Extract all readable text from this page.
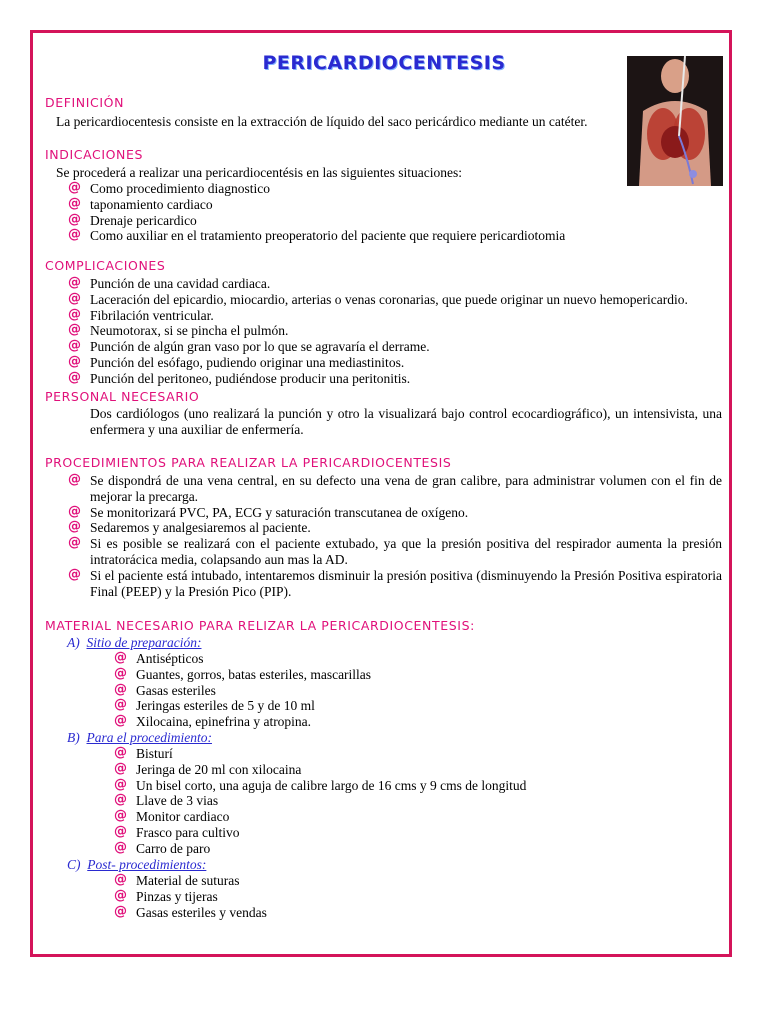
PERICARDIOCENTESIS
DEFINICIÓN
La pericardiocentesis consiste en la extracción de líquido del saco pericárdico mediante un catéter.
INDICACIONES
Se procederá a realizar una pericardiocentésis en las siguientes situaciones:
@ Como procedimiento diagnostico
@ taponamiento cardiaco
@ Drenaje pericardico
@ Como auxiliar en el tratamiento preoperatorio del paciente que requiere pericardiotomia
COMPLICACIONES
@ Punción de una cavidad cardiaca.
@ Laceración del epicardio, miocardio, arterias o venas coronarias, que puede originar un nuevo hemopericardio.
@ Fibrilación ventricular.
@ Neumotorax, si se pincha el pulmón.
@ Punción de algún gran vaso por lo que se agravaría el derrame.
@ Punción del esófago, pudiendo originar una mediastinitos.
@ Punción del peritoneo, pudiéndose producir una peritonitis.
PERSONAL NECESARIO
Dos cardiólogos (uno realizará la punción y otro la visualizará bajo control ecocardiográfico), un intensivista, una enfermera y una auxiliar de enfermería.
PROCEDIMIENTOS PARA REALIZAR LA PERICARDIOCENTESIS
@ Se dispondrá de una vena central, en su defecto una vena de gran calibre, para administrar volumen con el fin de mejorar la precarga.
@ Se monitorizará PVC, PA, ECG y saturación transcutanea de oxígeno.
@ Sedaremos y analgesiaremos al paciente.
@ Si es posible se realizará con el paciente extubado, ya que la presión positiva del respirador aumenta la presión intratorácica media, colapsando aun mas la AD.
@ Si el paciente está intubado, intentaremos disminuir la presión positiva (disminuyendo la Presión Positiva espiratoria Final (PEEP) y la Presión Pico (PIP).
MATERIAL NECESARIO PARA RELIZAR LA PERICARDIOCENTESIS:
A) Sitio de preparación:
@ Antisépticos
@ Guantes, gorros, batas esteriles, mascarillas
@ Gasas esteriles
@ Jeringas esteriles de 5 y de 10 ml
@ Xilocaina, epinefrina y atropina.
B) Para el procedimiento:
@ Bisturí
@ Jeringa de 20 ml con xilocaina
@ Un bisel corto, una aguja de calibre largo de 16 cms y 9 cms de longitud
@ Llave de 3 vias
@ Monitor cardiaco
@ Frasco para cultivo
@ Carro de paro
C) Post- procedimientos:
@ Material de suturas
@ Pinzas y tijeras
@ Gasas esteriles y vendas
